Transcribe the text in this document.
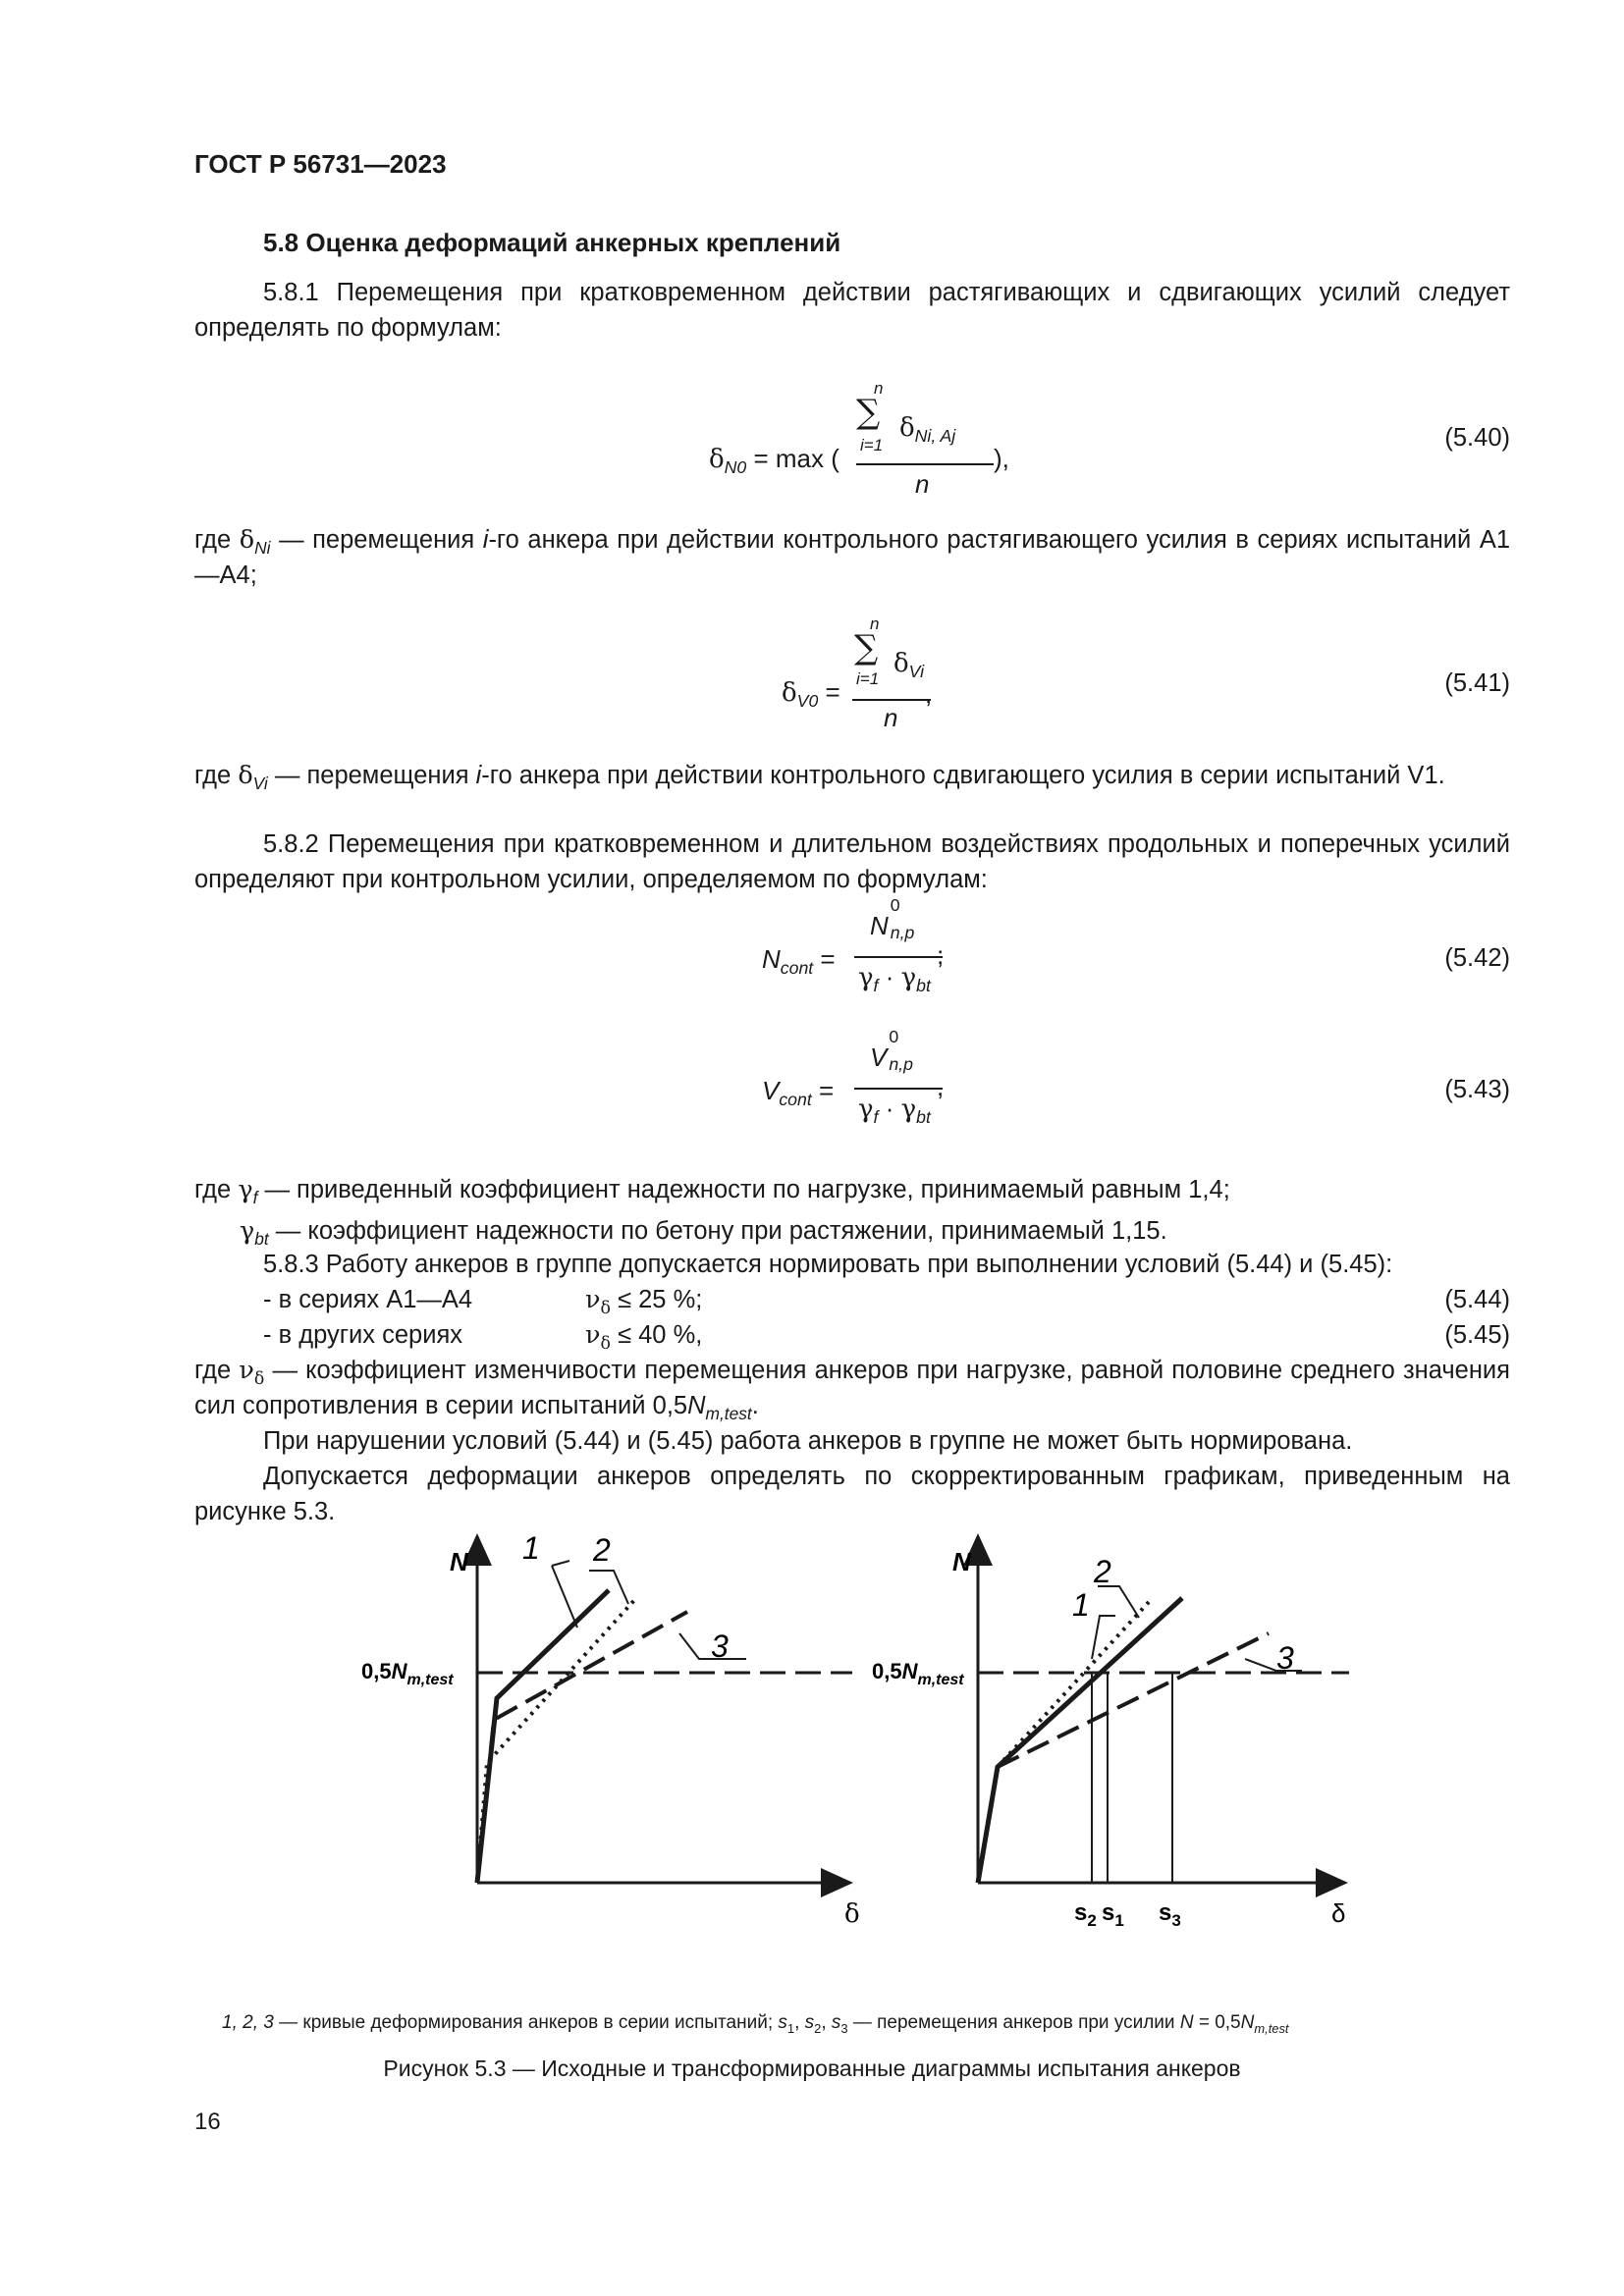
ГОСТ Р 56731—2023
5.8 Оценка деформаций анкерных креплений
5.8.1 Перемещения при кратковременном действии растягивающих и сдвигающих усилий следует определять по формулам:
$\delta_{N0} = \max$ (
n
∑
i=1
$\delta_{Ni, Aj}$
n
),
(5.40)
где $\delta_{Ni}$ — перемещения i-го анкера при действии контрольного растягивающего усилия в сериях испытаний А1—А4;
$\delta_{V0}$ =
n
∑
i=1
$\delta_{Vi}$
n
,	(5.41)
где $\delta_{Vi}$ — перемещения i-го анкера при действии контрольного сдвигающего усилия в серии испытаний V1.
5.8.2 Перемещения при кратковременном и длительном воздействиях продольных и поперечных усилий определяют при контрольном усилии, определяемом по формулам:
$N_{cont}$ =
N
0
n,p
;
$\gamma_f \cdot \gamma_{bt}$
(5.42)
$V_{cont}$ =
V
0
n,p
,
$\gamma_f \cdot \gamma_{bt}$
(5.43)
где $\gamma_f$ — приведенный коэффициент надежности по нагрузке, принимаемый равным 1,4;
$\gamma_{bt}$ — коэффициент надежности по бетону при растяжении, принимаемый 1,15.
5.8.3 Работу анкеров в группе допускается нормировать при выполнении условий (5.44) и (5.45):
- в сериях А1—А4	$\nu_\delta \le 25$ %;	(5.44)
- в других сериях	$\nu_\delta \le 40$ %,	(5.45)
где $\nu_\delta$ — коэффициент изменчивости перемещения анкеров при нагрузке, равной половине среднего значения сил сопротивления в серии испытаний $0,5N_{m,test}$.
При нарушении условий (5.44) и (5.45) работа анкеров в группе не может быть нормирована.
Допускается деформации анкеров определять по скорректированным графикам, приведенным на рисунке 5.3.
N
δ
1 2
3
$0,5N_{m,test}$
N
δ
1
2
3
$0,5N_{m,test}$
$s_2$ $s_1$ $s_3$
1, 2, 3 — кривые деформирования анкеров в серии испытаний; $s_1$, $s_2$, $s_3$ — перемещения анкеров при усилии $N = 0,5N_{m,test}$
Рисунок 5.3 — Исходные и трансформированные диаграммы испытания анкеров
16
